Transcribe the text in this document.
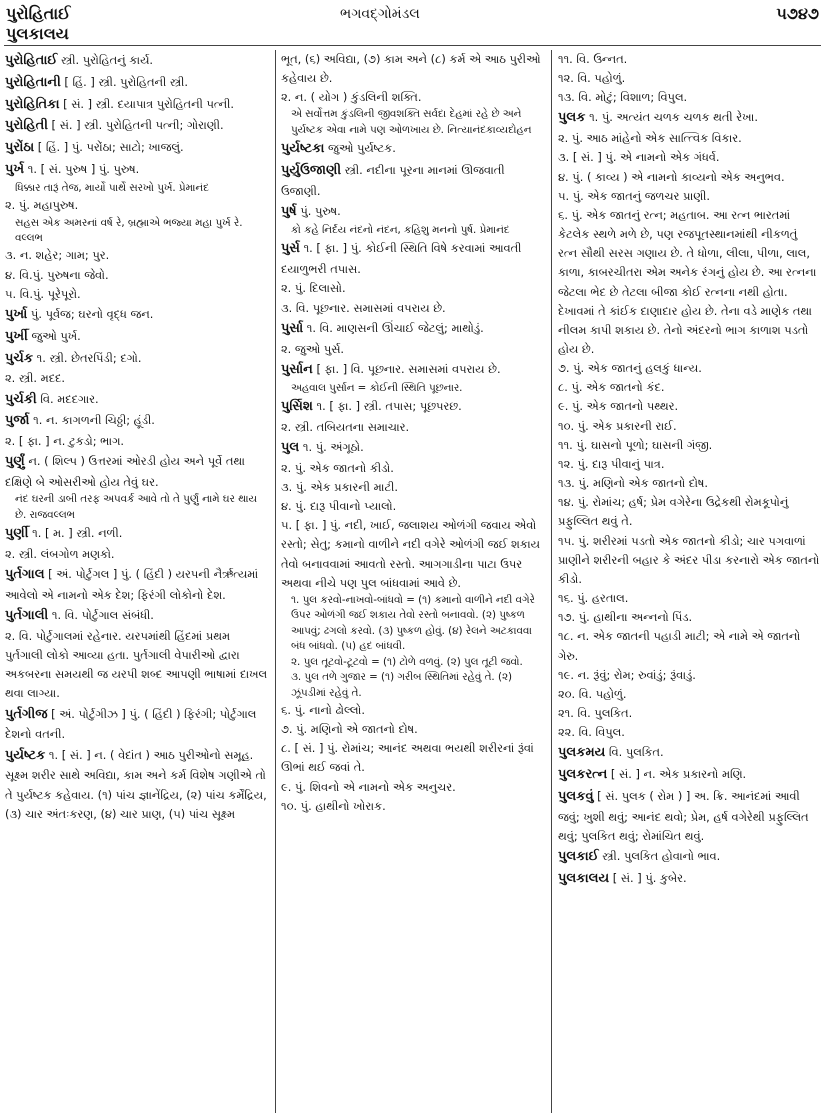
પુરોહિતાઈ
પુલકાલય
ભગવદ્ગોમંડલ	૫૭૪૭

પુરોહિતાઈ સ્ત્રી. પુરોહિતનું કાર્ય.

પુરોહિતાની [ હિં. ] સ્ત્રી. પુરોહિતની સ્ત્રી.

પુરોહિતિકા [ સં. ] સ્ત્રી. દયાપાત્ર પુરોહિતની પત્ની.

પુરોહિતી [ સં. ] સ્ત્રી. પુરોહિતની પત્ની; ગોરાણી.

પુરોંઠા [ હિં. ] પું. પરોંઠા; સાટો; ખાજલું.

પુર્ખ ૧. [ સં. પુરુષ ] પું. પુરુષ.

ધિક્કાર તારૂં તેજ, માર્યો પાર્થે સરખો પુર્ખ. પ્રેમાનંદ

૨. પું. મહાપુરુષ.

સહસ એક અમરનાં વર્ષ રે, બ્રહ્માએ ભજ્યા મહા પુર્ખ રે. વલ્લભ

૩. ન. શહેર; ગામ; પુર.

૪. વિ.પું. પુરુષના જેવો.

૫. વિ.પું. પૂરેપૂરો.

પુર્ખા પું. પૂર્વજ; ઘરનો વૃદ્ધ જન.

પુર્ખી જુઓ પુર્ખ.

પુર્ચક ૧. સ્ત્રી. છેતરપિંડી; દગો.

૨. સ્ત્રી. મદદ.

પુર્ચકી વિ. મદદગાર.

પુર્જા ૧. ન. કાગળની ચિઠ્ઠી; હૂંડી.

૨. [ ફા. ] ન. ટુકડો; ભાગ.

પુર્ણું ન. ( શિલ્પ ) ઉત્તરમાં ઓરડી હોય અને પૂર્વે તથા દક્ષિણે બે ઓસરીઓ હોય તેવું ઘર.

નંદ ઘરની ડાબી તરફ અપવર્ક આવે તો તે પુર્ણું નામે ઘર થાય છે. રાજવલ્લભ

પુર્ણી ૧. [ મ. ] સ્ત્રી. નળી.

૨. સ્ત્રી. લંબગોળ મણકો.

પુર્તગાલ [ અં. પોર્ટુગલ ] પું. ( હિંદી ) યરપની નૈર્ઋત્યમાં આવેલો એ નામનો એક દેશ; ફિરંગી લોકોનો દેશ.

પુર્તગાલી ૧. વિ. પોર્ટુગાલ સંબંધી.

૨. વિ. પોર્ટુગાલમાં રહેનાર. યરપમાંથી હિંદમાં પ્રથમ પુર્તગાલી લોકો આવ્યા હતા. પુર્તગાલી વેપારીઓ દ્વારા અકબરના સમયથી જ યરપી શબ્દ આપણી ભાષામાં દાખલ થવા લાગ્યા.

પુર્તગીજ [ અં. પોર્ટુગીઝ ] પું. ( હિંદી ) ફિરંગી; પોર્ટુગાલ દેશનો વતની.

પુર્યષ્ટક ૧. [ સં. ] ન. ( વેદાંત ) આઠ પુરીઓનો સમૂહ. સૂક્ષ્મ શરીર સાથે અવિદ્યા, કામ અને કર્મ વિશેષ ગણીએ તો તે પુર્યષ્ટક કહેવાય. (૧) પાંચ જ્ઞાનેંદ્રિય, (૨) પાંચ કર્મેંદ્રિય, (૩) ચાર અંતઃકરણ, (૪) ચાર પ્રાણ, (૫) પાંચ સૂક્ષ્મ

ભૂત, (૬) અવિદ્યા, (૭) કામ અને (૮) કર્મ એ આઠ પુરીઓ કહેવાય છે.

૨. ન. ( યોગ ) કુંડલિની શક્તિ.

એ સર્વોત્તમ કુંડલિની જીવશક્તિ સર્વદા દેહમાં રહે છે અને પુર્યષ્ટક એવા નામે પણ ઓળખાય છે. નિત્યાનંદકાવ્યદોહન

પુર્યષ્ટકા જુઓ પુર્યષ્ટક.

પુર્યુઉજાણી સ્ત્રી. નદીના પૂરના માનમાં ઊજવાતી ઉજાણી.

પુર્ષ પું. પુરુષ.

કો કહે નિર્દય નંદનો નંદન, કહિશુ મનનો પુર્ષ. પ્રેમાનંદ

પુર્સ ૧. [ ફા. ] પું. કોઈની સ્થિતિ વિષે કરવામાં આવતી દયાળુભરી તપાસ.

૨. પું. દિલાસો.

૩. વિ. પૂછનાર. સમાસમાં વપરાય છે.

પુર્સા ૧. વિ. માણસની ઊંચાઈ જેટલું; માથોડું.

૨. જુઓ પુર્સ.

પુર્સાન [ ફા. ] વિ. પૂછનાર. સમાસમાં વપરાય છે.

અહવાલ પુર્સાન = કોઈની સ્થિતિ પૂછનાર.

પુર્સિશ ૧. [ ફા. ] સ્ત્રી. તપાસ; પૂછપરછ.

૨. સ્ત્રી. તબિયતના સમાચાર.

પુલ ૧. પું. અંગૂઠો.

૨. પું. એક જાતનો કીડો.

૩. પું. એક પ્રકારની માટી.

૪. પું. દારૂ પીવાનો પ્યાલો.

૫. [ ફા. ] પું. નદી, ખાઈ, જલાશય ઓળંગી જવાય એવો રસ્તો; સેતુ; કમાનો વાળીને નદી વગેરે ઓળંગી જઈ શકાય તેવો બનાવવામાં આવતો રસ્તો. આગગાડીના પાટા ઉપર અથવા નીચે પણ પુલ બાંધવામાં આવે છે.

૧. પુલ કરવો-નાખવો-બાંધવો = (૧) કમાનો વાળીને નદી વગેરે ઉપર ઓળંગી જઈ શકાય તેવો રસ્તો બનાવવો. (૨) પુષ્કળ આપવું; ઢગલો કરવો. (૩) પુષ્કળ હોવું. (૪) રેલને અટકાવવા બંધ બાંધવો. (૫) હદ બાંધવી.

૨. પુલ તૂટવો-ટૂટવો = (૧) ટોળે વળવું. (૨) પુલ તૂટી જવો.

૩. પુલ તળે ગુજાર = (૧) ગરીબ સ્થિતિમાં રહેવું તે. (૨) ઝૂંપડીમાં રહેવું તે.

૬. પું. નાનો ઢોલ્લો.

૭. પું. મણિનો એ જાતનો દોષ.

૮. [ સં. ] પું. રોમાંચ; આનંદ અથવા ભયથી શરીરનાં રૂંવાં ઊભાં થઈ જવાં તે.

૯. પું. શિવનો એ નામનો એક અનુચર.

૧૦. પું. હાથીનો ખોરાક.

૧૧. વિ. ઉન્નત.

૧૨. વિ. પહોળું.

૧૩. વિ. મોટું; વિશાળ; વિપુલ.

પુલક ૧. પું. અત્યંત ચળક ચળક થતી રેખા.

૨. પું. આઠ માંહેનો એક સાત્ત્વિક વિકાર.

૩. [ સં. ] પું. એ નામનો એક ગંધર્વ.

૪. પું. ( કાવ્ય ) એ નામનો કાવ્યનો એક અનુભવ.

૫. પું. એક જાતનું જળચર પ્રાણી.

૬. પું. એક જાતનું રત્ન; મહતાબ. આ રત્ન ભારતમાં કેટલેક સ્થળે મળે છે, પણ રજપૂતસ્થાનમાંથી નીકળતું રત્ન સૌથી સરસ ગણાય છે. તે ધોળા, લીલા, પીળા, લાલ, કાળા, કાબરચીતરા એમ અનેક રંગનું હોય છે. આ રત્નના જેટલા ભેદ છે તેટલા બીજા કોઈ રત્નના નથી હોતા. દેખાવમાં તે કાંઈક દાણાદાર હોય છે. તેના વડે માણેક તથા નીલમ કાપી શકાય છે. તેનો અંદરનો ભાગ કાળાશ પડતો હોય છે.

૭. પું. એક જાતનું હલકું ધાન્ય.

૮. પું. એક જાતનો કંદ.

૯. પું. એક જાતનો પથ્થર.

૧૦. પું. એક પ્રકારની રાઈ.

૧૧. પું. ઘાસનો પૂળો; ઘાસની ગંજી.

૧૨. પું. દારૂ પીવાનું પાત્ર.

૧૩. પું. મણિનો એક જાતનો દોષ.

૧૪. પું. રોમાંચ; હર્ષ; પ્રેમ વગેરેના ઉદ્રેકથી રોમકૂપોનું પ્રફુલ્લિત થવું તે.

૧૫. પું. શરીરમાં પડતો એક જાતનો કીડો; ચાર પગવાળાં પ્રાણીને શરીરની બહાર કે અંદર પીડા કરનારો એક જાતનો કીડો.

૧૬. પું. હરતાલ.

૧૭. પું. હાથીના અન્નનો પિંડ.

૧૮. ન. એક જાતની પહાડી માટી; એ નામે એ જાતનો ગેરુ.

૧૯. ન. રૂંવું; રોમ; રુવાંડું; રૂંવાડું.

૨૦. વિ. પહોળું.

૨૧. વિ. પુલકિત.

૨૨. વિ. વિપુલ.

પુલકમય વિ. પુલકિત.

પુલકરત્ન [ સં. ] ન. એક પ્રકારનો મણિ.

પુલકવું [ સં. પુલક ( રોમ ) ] અ. ક્રિ. આનંદમાં આવી જવું; ખુશી થવું; આનંદ થવો; પ્રેમ, હર્ષ વગેરેથી પ્રફુલ્લિત થવું; પુલકિત થવું; રોમાંચિત થવું.

પુલકાઈ સ્ત્રી. પુલકિત હોવાનો ભાવ.

પુલકાલય [ સં. ] પું. કુબેર.
